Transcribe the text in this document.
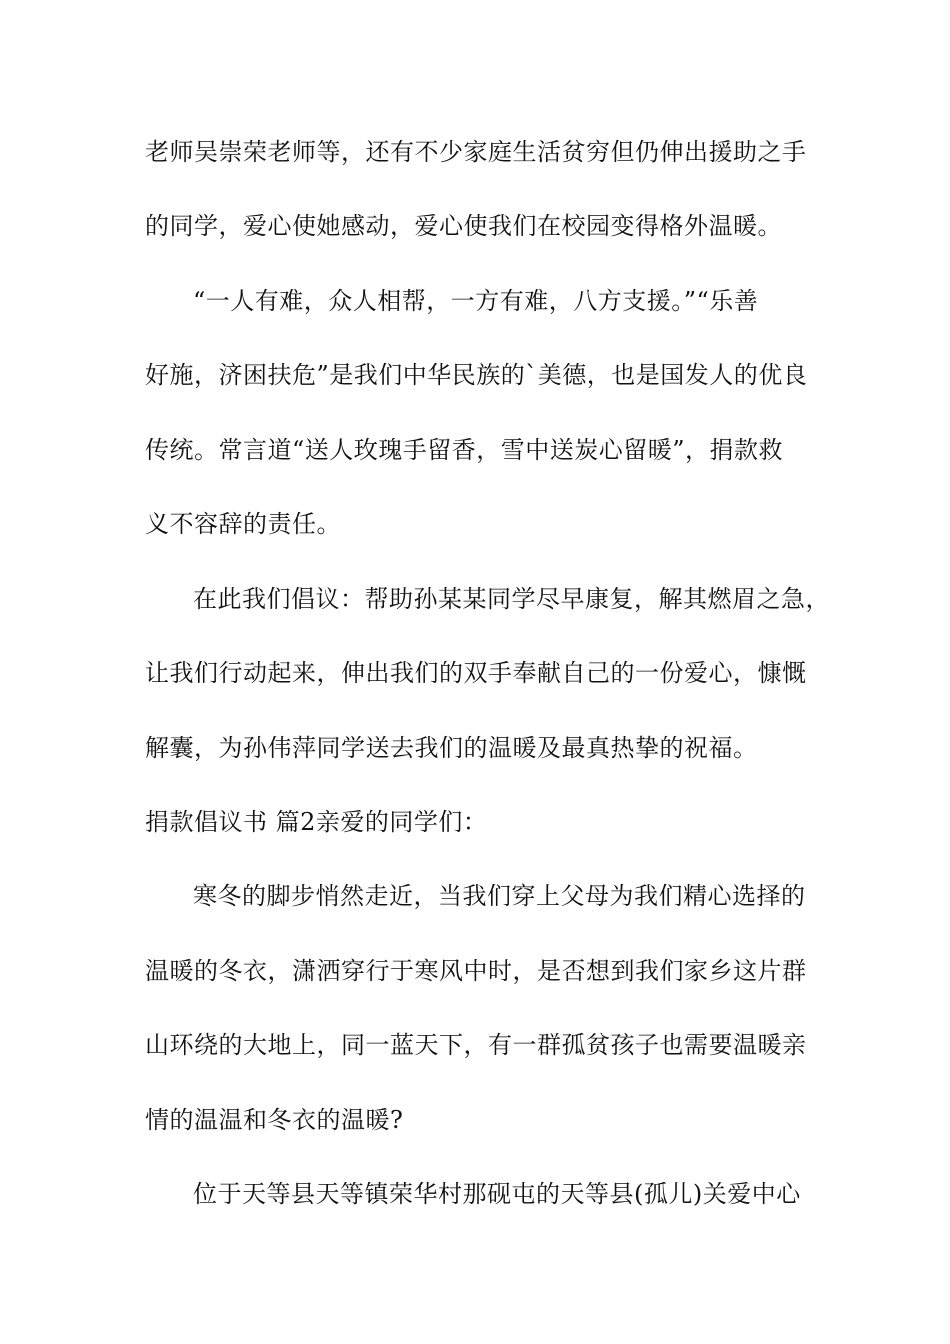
老师吴崇荣老师等，还有不少家庭生活贫穷但仍伸出援助之手
的同学，爱心使她感动，爱心使我们在校园变得格外温暖。
“一人有难，众人相帮，一方有难，八方支援。”“乐善
好施，济困扶危”是我们中华民族的`美德，也是国发人的优良
传统。常言道“送人玫瑰手留香，雪中送炭心留暖”，捐款救
义不容辞的责任。
在此我们倡议：帮助孙某某同学尽早康复，解其燃眉之急，
让我们行动起来，伸出我们的双手奉献自己的一份爱心，慷慨
解囊，为孙伟萍同学送去我们的温暖及最真热挚的祝福。
捐款倡议书 篇2亲爱的同学们：
寒冬的脚步悄然走近，当我们穿上父母为我们精心选择的
温暖的冬衣，潇洒穿行于寒风中时，是否想到我们家乡这片群
山环绕的大地上，同一蓝天下，有一群孤贫孩子也需要温暖亲
情的温温和冬衣的温暖?
位于天等县天等镇荣华村那砚屯的天等县(孤儿)关爱中心
